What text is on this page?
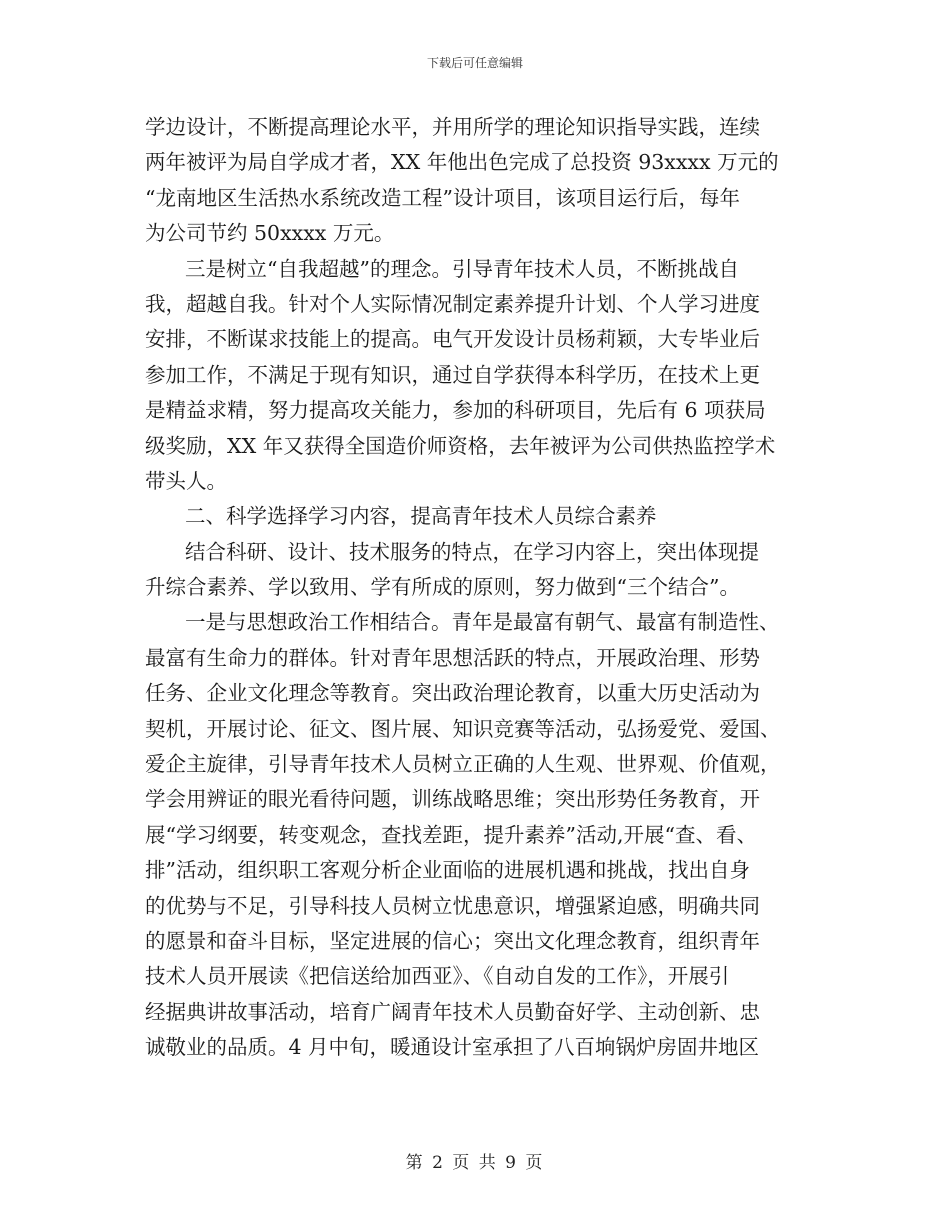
下载后可任意编辑
学边设计，不断提高理论水平，并用所学的理论知识指导实践，连续
两年被评为局自学成才者，XX 年他出色完成了总投资 93xxxx 万元的
“龙南地区生活热水系统改造工程”设计项目，该项目运行后，每年
为公司节约 50xxxx 万元。
三是树立“自我超越”的理念。引导青年技术人员，不断挑战自
我，超越自我。针对个人实际情况制定素养提升计划、个人学习进度
安排，不断谋求技能上的提高。电气开发设计员杨莉颖，大专毕业后
参加工作，不满足于现有知识，通过自学获得本科学历，在技术上更
是精益求精，努力提高攻关能力，参加的科研项目，先后有 6 项获局
级奖励，XX 年又获得全国造价师资格，去年被评为公司供热监控学术
带头人。
二、科学选择学习内容，提高青年技术人员综合素养
结合科研、设计、技术服务的特点，在学习内容上，突出体现提
升综合素养、学以致用、学有所成的原则，努力做到“三个结合”。
一是与思想政治工作相结合。青年是最富有朝气、最富有制造性、
最富有生命力的群体。针对青年思想活跃的特点，开展政治理、形势
任务、企业文化理念等教育。突出政治理论教育，以重大历史活动为
契机，开展讨论、征文、图片展、知识竞赛等活动，弘扬爱党、爱国、
爱企主旋律，引导青年技术人员树立正确的人生观、世界观、价值观，
学会用辨证的眼光看待问题，训练战略思维；突出形势任务教育，开
展“学习纲要，转变观念，查找差距，提升素养”活动,开展“查、看、
排”活动，组织职工客观分析企业面临的进展机遇和挑战，找出自身
的优势与不足，引导科技人员树立忧患意识，增强紧迫感，明确共同
的愿景和奋斗目标，坚定进展的信心；突出文化理念教育，组织青年
技术人员开展读《把信送给加西亚》、《自动自发的工作》，开展引
经据典讲故事活动，培育广阔青年技术人员勤奋好学、主动创新、忠
诚敬业的品质。4 月中旬，暖通设计室承担了八百垧锅炉房固井地区
第 2 页 共 9 页
